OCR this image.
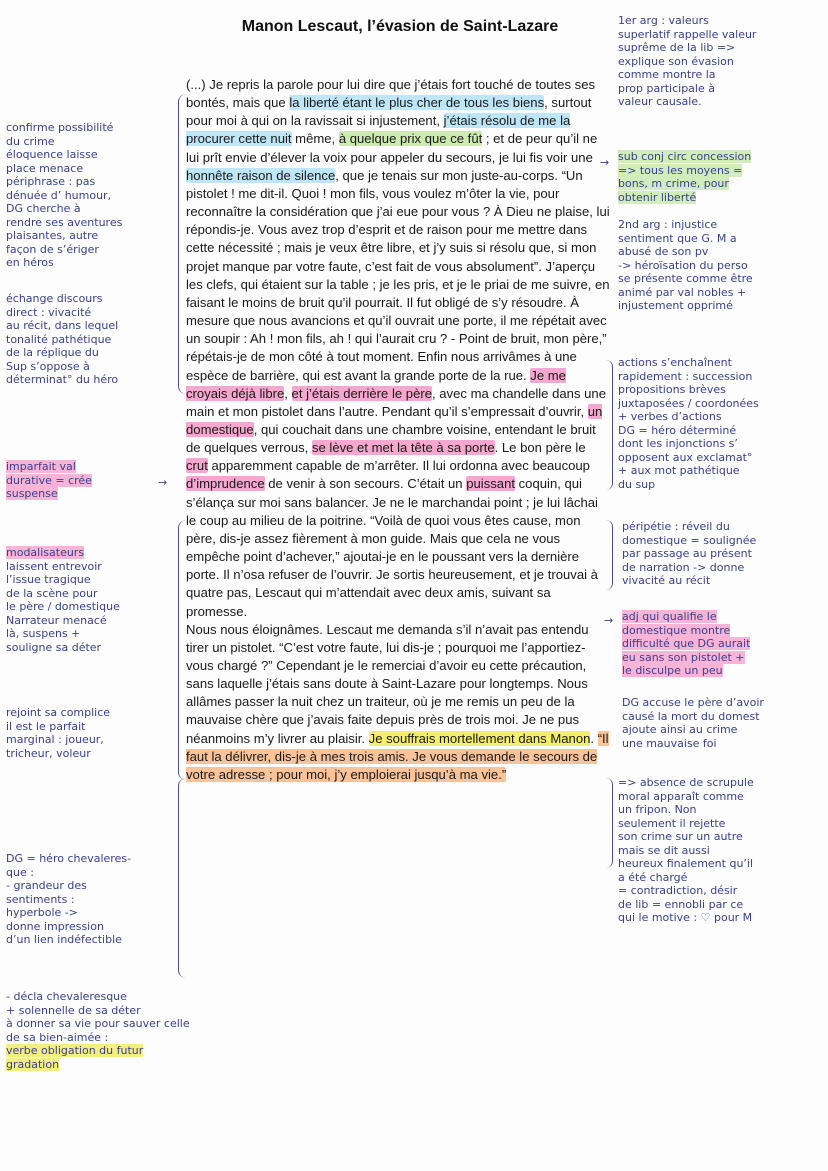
Manon Lescaut, l’évasion de Saint-Lazare

(...) Je repris la parole pour lui dire que j’étais fort touché de toutes ses bontés, mais que la liberté étant le plus cher de tous les biens, surtout pour moi à qui on la ravissait si injustement, j’étais résolu de me la procurer cette nuit même, à quelque prix que ce fût ; et de peur qu’il ne lui prît envie d’élever la voix pour appeler du secours, je lui fis voir une honnête raison de silence, que je tenais sur mon juste-au-corps. “Un pistolet ! me dit-il. Quoi ! mon fils, vous voulez m’ôter la vie, pour reconnaître la considération que j’ai eue pour vous ? À Dieu ne plaise, lui répondis-je. Vous avez trop d’esprit et de raison pour me mettre dans cette nécessité ; mais je veux être libre, et j’y suis si résolu que, si mon projet manque par votre faute, c’est fait de vous absolument”. J’aperçu les clefs, qui étaient sur la table ; je les pris, et je le priai de me suivre, en faisant le moins de bruit qu’il pourrait. Il fut obligé de s’y résoudre. À mesure que nous avancions et qu’il ouvrait une porte, il me répétait avec un soupir : Ah ! mon fils, ah ! qui l’aurait cru ? - Point de bruit, mon père,” répétais-je de mon côté à tout moment. Enfin nous arrivâmes à une espèce de barrière, qui est avant la grande porte de la rue. Je me croyais déjà libre, et j’étais derrière le père, avec ma chandelle dans une main et mon pistolet dans l’autre. Pendant qu’il s’empressait d’ouvrir, un domestique, qui couchait dans une chambre voisine, entendant le bruit de quelques verrous, se lève et met la tête à sa porte. Le bon père le crut apparemment capable de m’arrêter. Il lui ordonna avec beaucoup d’imprudence de venir à son secours. C’était un puissant coquin, qui s’élança sur moi sans balancer. Je ne le marchandai point ; je lui lâchai le coup au milieu de la poitrine. “Voilà de quoi vous êtes cause, mon père, dis-je assez fièrement à mon guide. Mais que cela ne vous empêche point d’achever,” ajoutai-je en le poussant vers la dernière porte. Il n’osa refuser de l’ouvrir. Je sortis heureusement, et je trouvai à quatre pas, Lescaut qui m’attendait avec deux amis, suivant sa promesse.

Nous nous éloignâmes. Lescaut me demanda s’il n’avait pas entendu tirer un pistolet. “C’est votre faute, lui dis-je ; pourquoi me l’apportiez-vous chargé ?” Cependant je le remerciai d’avoir eu cette précaution, sans laquelle j’étais sans doute à Saint-Lazare pour longtemps. Nous allâmes passer la nuit chez un traiteur, où je me remis un peu de la mauvaise chère que j’avais faite depuis près de trois moi. Je ne pus néanmoins m’y livrer au plaisir. Je souffrais mortellement dans Manon. “Il faut la délivrer, dis-je à mes trois amis. Je vous demande le secours de votre adresse ; pour moi, j’y emploierai jusqu’à ma vie.”

confirme possibilité
du crime
éloquence laisse
place menace
périphrase : pas
dénuée d’ humour,
DG cherche à
rendre ses aventures
plaisantes, autre
façon de s’ériger
en héros
échange discours
direct : vivacité
au récit, dans lequel
tonalité pathétique
de la réplique du
Sup s’oppose à
déterminat° du héro
imparfait val
durative = crée
suspense
modalisateurs
laissent entrevoir
l’issue tragique
de la scène pour
le père / domestique
Narrateur menacé
là, suspens +
souligne sa déter
rejoint sa complice
il est le parfait
marginal : joueur,
tricheur, voleur
DG = héro chevaleres-
que :
- grandeur des
sentiments :
hyperbole ->
donne impression
d’un lien indéfectible
- décla chevaleresque
+ solennelle de sa déter
à donner sa vie pour sauver celle
de sa bien-aimée :
verbe obligation du futur
gradation
1er arg : valeurs
superlatif rappelle valeur
suprême de la lib =>
explique son évasion
comme montre la
prop participale à
valeur causale.
sub conj circ concession
=> tous les moyens =
bons, m crime, pour
obtenir liberté
2nd arg : injustice
sentiment que G. M a
abusé de son pv
-> héroïsation du perso
se présente comme être
animé par val nobles +
injustement opprimé
actions s’enchaînent
rapidement : succession
propositions brèves
juxtaposées / coordonées
+ verbes d’actions
DG = héro déterminé
dont les injonctions s’
opposent aux exclamat°
+ aux mot pathétique
du sup
péripétie : réveil du
domestique = soulignée
par passage au présent
de narration -> donne
vivacité au récit
adj qui qualifie le
domestique montre
difficulté que DG aurait
eu sans son pistolet +
le disculpe un peu
DG accuse le père d’avoir
causé la mort du domest
ajoute ainsi au crime
une mauvaise foi
=> absence de scrupule
moral apparaît comme
un fripon. Non
seulement il rejette
son crime sur un autre
mais se dit aussi
heureux finalement qu’il
a été chargé
= contradiction, désir
de lib = ennobli par ce
qui le motive : ♡ pour M
→
→
→
